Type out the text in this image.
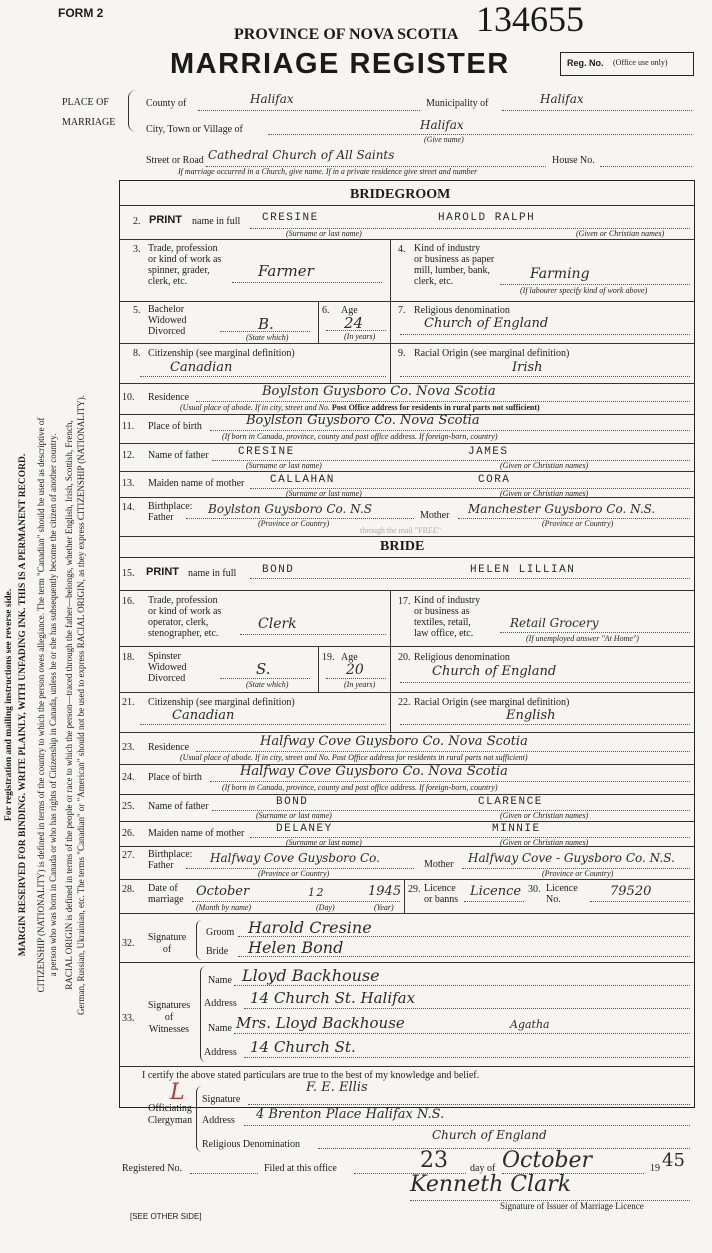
FORM 2
PROVINCE OF NOVA SCOTIA
MARRIAGE REGISTER
134655
Reg. No. (Office use only)
PLACE OF
MARRIAGE
County of	Halifax	Municipality of	Halifax
City, Town or Village of	Halifax
(Give name)
Street or Road Cathedral Church of All Saints	House No.
If marriage occurred in a Church, give name. If in a private residence give street and number
For registration and mailing instructions see reverse side. MARGIN RESERVED FOR BINDING. WRITE PLAINLY, WITH UNFADING INK. THIS IS A PERMANENT RECORD. CITIZENSHIP (NATIONALITY) is defined in terms of the country to which the person owes allegiance. The term "Canadian" should be used as descriptive of a person who was born in Canada or who has rights of Citizenship in Canada, unless he or she has subsequently become the citizen of another country. RACIAL ORIGIN is defined in terms of the people or race to which the person—traced through the father—belongs, whether English, Irish, Scottish, French, German, Russian, Ukrainian, etc. The terms "Canadian" or "American" should not be used to express RACIAL ORIGIN, as they express CITIZENSHIP (NATIONALITY).
BRIDEGROOM
2. PRINT name in full CRESINE	HAROLD RALPH
(Surname or last name)	(Given or Christian names)
3. Trade, profession
or kind of work as
spinner, grader,
clerk, etc.
Farmer
4. Kind of industry
or business as paper
mill, lumber, bank,
clerk, etc.	Farming
(If labourer specify kind of work above)
5. Bachelor
Widowed
Divorced	B.
(State which)
6. Age
24
(In years)
7. Religious denomination
Church of England
8. Citizenship (see marginal definition)
Canadian
9. Racial Origin (see marginal definition)
Irish
10. Residence	Boylston Guysboro Co. Nova Scotia
(Usual place of abode. If in city, street and No. Post Office address for residents in rural parts not sufficient)
11. Place of birth	Boylston Guysboro Co. Nova Scotia
(If born in Canada, province, county and post office address. If foreign-born, country)
12. Name of father	CRESINE	JAMES
(Surname or last name)	(Given or Christian names)
13. Maiden name of mother CALLAHAN	CORA
(Surname or last name)	(Given or Christian names)
14. Birthplace:
Father
Boylston Guysboro Co. N.S
(Province or Country)
Mother Manchester Guysboro Co. N.S.
(Province or Country)
through the mail "FREE"
BRIDE
15. PRINT name in full BOND	HELEN LILLIAN
16. Trade, profession
or kind of work as
operator, clerk,
stenographer, etc.
Clerk
17. Kind of industry
or business as
textiles, retail,
law office, etc.
Retail Grocery
(If unemployed answer "At Home")
18. Spinster
Widowed
Divorced
S.
(State which)
19. Age
20
(In years)
20. Religious denomination
Church of England
21. Citizenship (see marginal definition)
Canadian
22. Racial Origin (see marginal definition)
English
23. Residence	Halfway Cove Guysboro Co. Nova Scotia
(Usual place of abode. If in city, street and No. Post Office address for residents in rural parts not sufficient)
24. Place of birth	Halfway Cove Guysboro Co. Nova Scotia
(If born in Canada, province, county and post office address. If foreign-born, country)
25. Name of father	BOND	CLARENCE
(Surname or last name)	(Given or Christian names)
26. Maiden name of mother	DELANEY	MINNIE
(Surname or last name)	(Given or Christian names)
27. Birthplace:
Father
Halfway Cove Guysboro Co.
(Province or Country)
Mother Halfway Cove - Guysboro Co. N.S.
(Province or Country)
28. Date of
marriage
October	12	1945
(Month by name)	(Day)	(Year)
29. Licence
or banns
Licence 30. Licence
No.
79520
32.
Signature
of
Groom Harold Cresine
Bride Helen Bond
33.
Signatures
of
Witnesses
Name Lloyd Backhouse
Address 14 Church St. Halifax
Name Mrs. Lloyd Backhouse	Agatha
Address 14 Church St.
I certify the above stated particulars are true to the best of my knowledge and belief.
L
Officiating
Clergyman
Signature
F. E. Ellis
Address 4 Brenton Place Halifax N.S.
Religious Denomination
Church of England
Registered No.	Filed at this office	23 day of October	19 45
Kenneth Clark
Signature of Issuer of Marriage Licence
[SEE OTHER SIDE]
